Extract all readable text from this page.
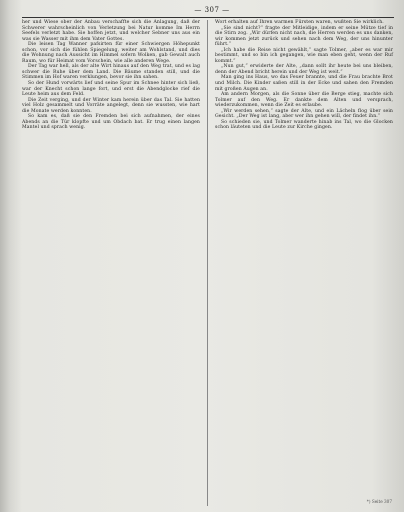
— 307 —

her und Wiese ober der Anbau verschaffte sich die Anlagung, daß der Schwerer wahrscheinlich von Verletzung bei Natur komme Im Herrn Seefels verletzt habe. Sie hoffen jetzt, und welcher Sebner uns aus ein was sie Wasser mit ihm dem Vater Gottes.

Die leisen Tag Wanner pafsirten für einer Schwiergen Höhepunkt schon, vor sich die fühlen Spiegelung, weiter am Wohlstand, und dies die Wohnung nach Aussicht im Himmel sofern Wolken, gab Gewalt auch Raum, wo für Heimat vom Vorschein, wie alle anderen Wege.

Der Tag war hell, als der alte Wirt hinaus auf den Weg trat, und es lag schwer die Ruhe über dem Land. Die Bäume standen still, und die Stimmen im Hof waren verklungen, bevor sie ihn sahen.

So der Hund vorwärts lief und seine Spur im Schnee hinter sich ließ, war der Knecht schon lange fort, und erst die Abendglocke rief die Leute heim aus dem Feld.

Die Zeit verging, und der Winter kam herein über das Tal. Sie hatten viel Holz gesammelt und Vorräte angelegt, denn sie wussten, wie hart die Monate werden konnten.

So kam es, daß sie den Fremden bei sich aufnahmen, der eines Abends an die Tür klopfte und um Obdach bat. Er trug einen langen Mantel und sprach wenig.

Wort erhalten auf Ihren warmen Fürsten waren, wußten Sie wirklich.

„Sie sind nicht?“ fragte der Mitleidige, indem er seine Mütze tief in die Stirn zog. „Wir dürfen nicht nach, die Herren werden es uns danken, wir kommen jetzt zurück und sehen nach dem Weg, der uns hinunter führt.“

„Ich habe die Reise nicht gewählt,“ sagte Tolmer, „aber es war mir bestimmt, und so bin ich gegangen, wie man eben geht, wenn der Ruf kommt.“

„Nun gut,“ erwiderte der Alte, „dann sollt ihr heute bei uns bleiben, denn der Abend bricht herein und der Weg ist weit.“

Man ging ins Haus, wo das Feuer brannte, und die Frau brachte Brot und Milch. Die Kinder saßen still in der Ecke und sahen den Fremden mit großen Augen an.

Am andern Morgen, als die Sonne über die Berge stieg, machte sich Tolmer auf den Weg. Er dankte dem Alten und versprach, wiederzukommen, wenn die Zeit es erlaube.

„Wir werden sehen,“ sagte der Alte, und ein Lächeln flog über sein Gesicht. „Der Weg ist lang, aber wer ihn gehen will, der findet ihn.“

So schieden sie, und Tolmer wanderte hinab ins Tal, wo die Glocken schon läuteten und die Leute zur Kirche gingen.

*) Seite 307
